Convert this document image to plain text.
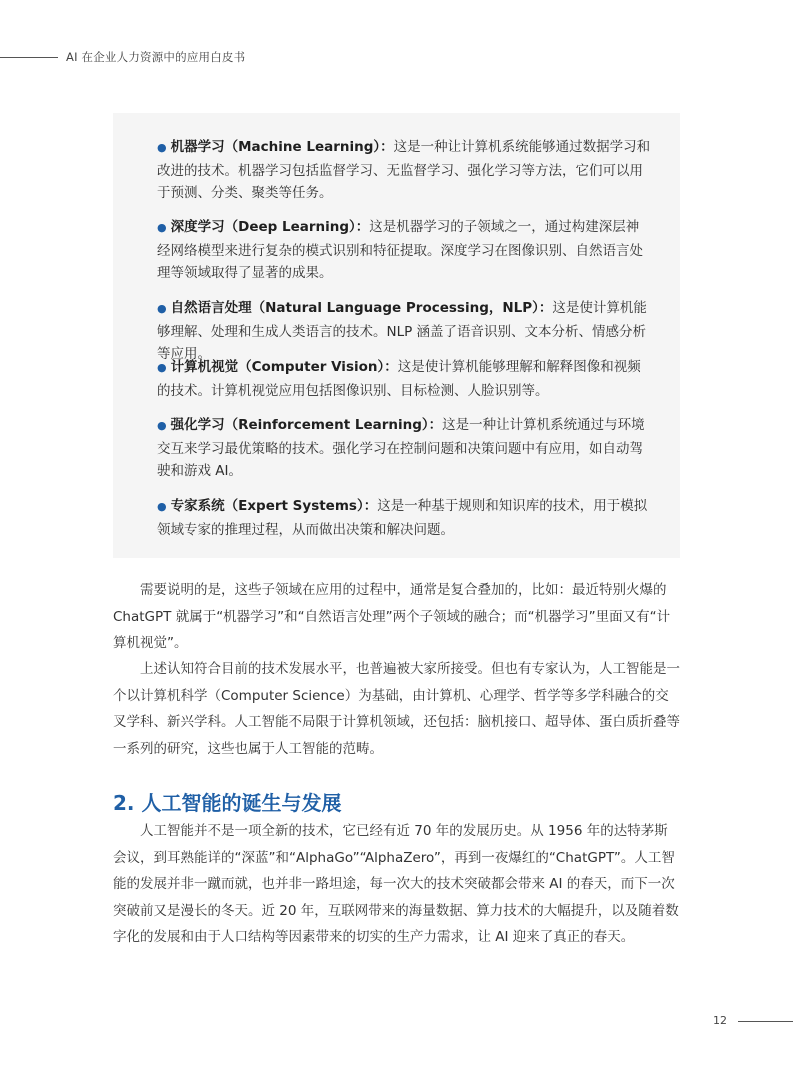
AI 在企业人力资源中的应用白皮书
● 机器学习（Machine Learning）：这是一种让计算机系统能够通过数据学习和改进的技术。机器学习包括监督学习、无监督学习、强化学习等方法，它们可以用于预测、分类、聚类等任务。
● 深度学习（Deep Learning）：这是机器学习的子领域之一，通过构建深层神经网络模型来进行复杂的模式识别和特征提取。深度学习在图像识别、自然语言处理等领域取得了显著的成果。
● 自然语言处理（Natural Language Processing，NLP）：这是使计算机能够理解、处理和生成人类语言的技术。NLP 涵盖了语音识别、文本分析、情感分析等应用。
● 计算机视觉（Computer Vision）：这是使计算机能够理解和解释图像和视频的技术。计算机视觉应用包括图像识别、目标检测、人脸识别等。
● 强化学习（Reinforcement Learning）：这是一种让计算机系统通过与环境交互来学习最优策略的技术。强化学习在控制问题和决策问题中有应用，如自动驾驶和游戏 AI。
● 专家系统（Expert Systems）：这是一种基于规则和知识库的技术，用于模拟领域专家的推理过程，从而做出决策和解决问题。

需要说明的是，这些子领域在应用的过程中，通常是复合叠加的，比如：最近特别火爆的 ChatGPT 就属于“机器学习”和“自然语言处理”两个子领域的融合；而“机器学习”里面又有“计算机视觉”。

上述认知符合目前的技术发展水平，也普遍被大家所接受。但也有专家认为，人工智能是一个以计算机科学（Computer Science）为基础，由计算机、心理学、哲学等多学科融合的交叉学科、新兴学科。人工智能不局限于计算机领域，还包括：脑机接口、超导体、蛋白质折叠等一系列的研究，这些也属于人工智能的范畴。

2. 人工智能的诞生与发展

人工智能并不是一项全新的技术，它已经有近 70 年的发展历史。从 1956 年的达特茅斯会议，到耳熟能详的“深蓝”和“AlphaGo”“AlphaZero”，再到一夜爆红的“ChatGPT”。人工智能的发展并非一蹴而就，也并非一路坦途，每一次大的技术突破都会带来 AI 的春天，而下一次突破前又是漫长的冬天。近 20 年，互联网带来的海量数据、算力技术的大幅提升，以及随着数字化的发展和由于人口结构等因素带来的切实的生产力需求，让 AI 迎来了真正的春天。

12
